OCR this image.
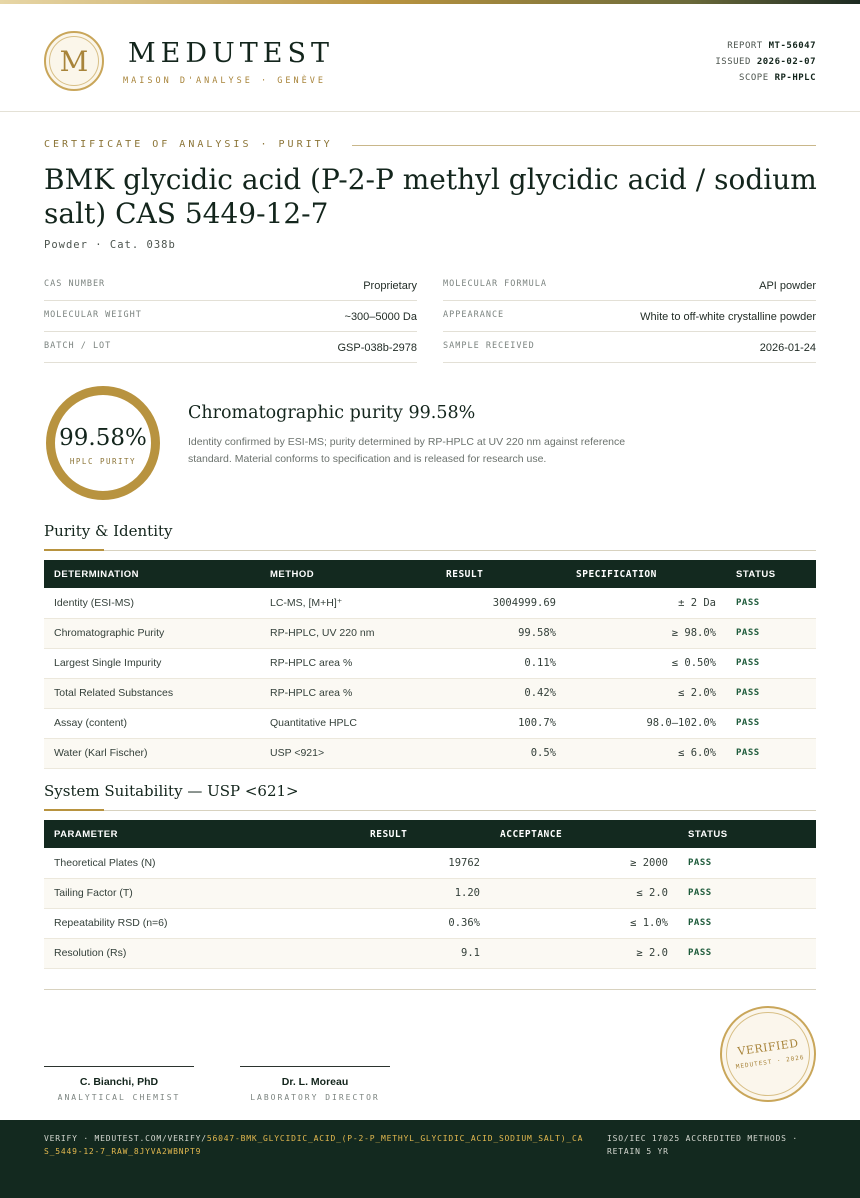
M	MEDUTEST
MAISON D'ANALYSE · GENÈVE
REPORT MT-56047
ISSUED 2026-02-07
SCOPE RP-HPLC
CERTIFICATE OF ANALYSIS · PURITY
BMK glycidic acid (P-2-P methyl glycidic acid / sodium salt) CAS 5449-12-7
Powder · Cat. 038b
CAS NUMBER	Proprietary
MOLECULAR WEIGHT	~300–5000 Da
BATCH / LOT	GSP-038b-2978
MOLECULAR FORMULA	API powder
APPEARANCE	White to off-white crystalline powder
SAMPLE RECEIVED	2026-01-24
99.58%
HPLC PURITY
Chromatographic purity 99.58%
Identity confirmed by ESI-MS; purity determined by RP-HPLC at UV 220 nm against reference standard. Material conforms to specification and is released for research use.
Purity & Identity
DETERMINATION	METHOD	RESULT	SPECIFICATION	STATUS
Identity (ESI-MS)	LC-MS, [M+H]⁺	3004999.69	± 2 Da	PASS
Chromatographic Purity	RP-HPLC, UV 220 nm	99.58%	≥ 98.0%	PASS
Largest Single Impurity	RP-HPLC area %	0.11%	≤ 0.50%	PASS
Total Related Substances	RP-HPLC area %	0.42%	≤ 2.0%	PASS
Assay (content)	Quantitative HPLC	100.7%	98.0–102.0%	PASS
Water (Karl Fischer)	USP <921>	0.5%	≤ 6.0%	PASS
System Suitability — USP <621>
PARAMETER	RESULT	ACCEPTANCE	STATUS
Theoretical Plates (N)	19762	≥ 2000	PASS
Tailing Factor (T)	1.20	≤ 2.0	PASS
Repeatability RSD (n=6)	0.36%	≤ 1.0%	PASS
Resolution (Rs)	9.1	≥ 2.0	PASS
C. Bianchi, PhD
ANALYTICAL CHEMIST
Dr. L. Moreau
LABORATORY DIRECTOR
VERIFIED
MEDUTEST · 2026
VERIFY · MEDUTEST.COM/VERIFY/56047-BMK_GLYCIDIC_ACID_(P-2-P_METHYL_GLYCIDIC_ACID_SODIUM_SALT)_CAS_5449-12-7_RAW_8JYVA2WBNPT9
ISO/IEC 17025 ACCREDITED METHODS · RETAIN 5 YR
